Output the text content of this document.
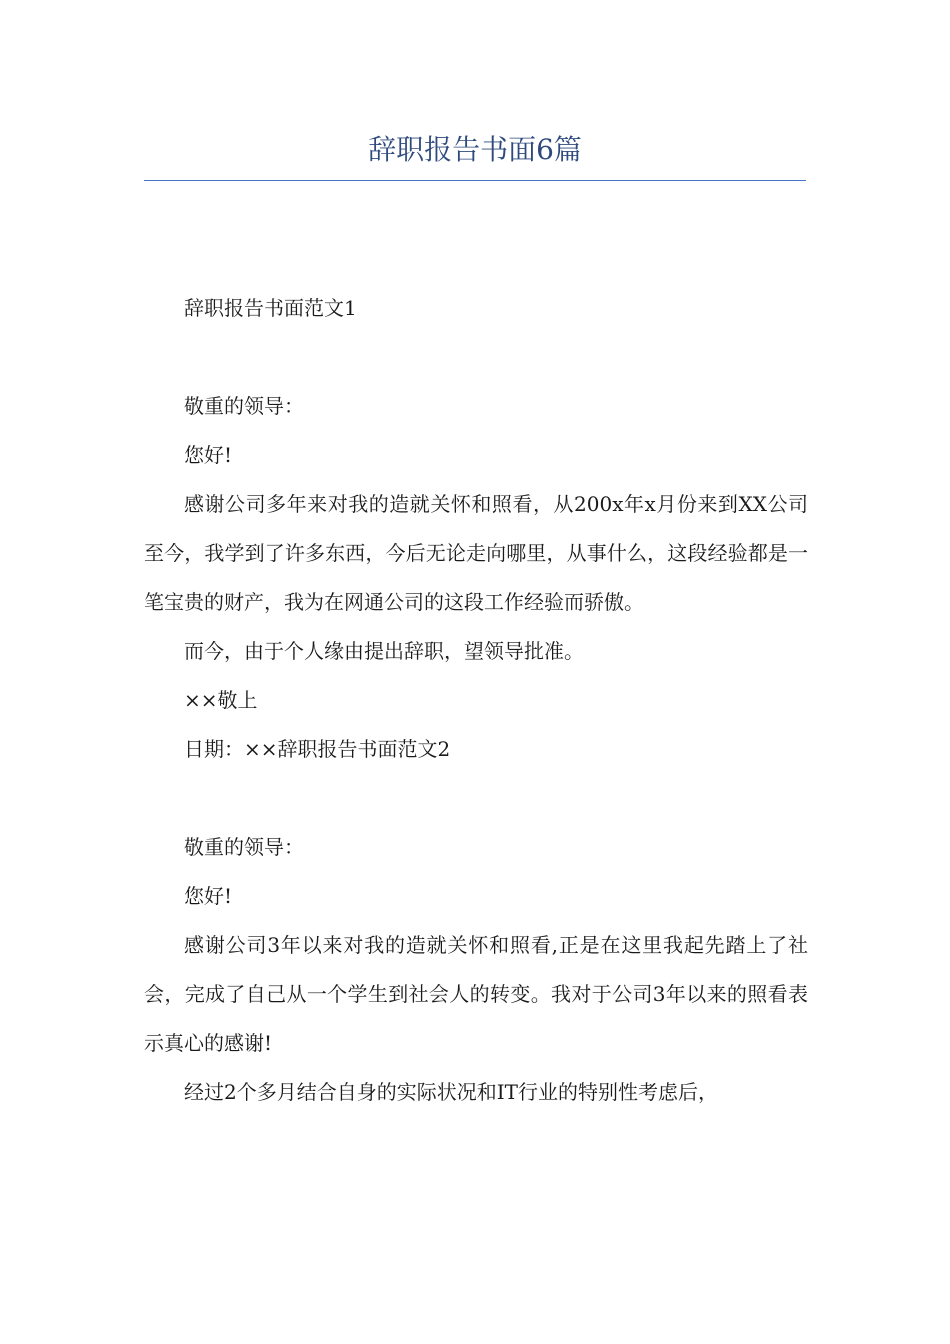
辞职报告书面6篇

辞职报告书面范文1

敬重的领导：

您好!

感谢公司多年来对我的造就关怀和照看，从200x年x月份来到XX公司至今，我学到了许多东西，今后无论走向哪里，从事什么，这段经验都是一笔宝贵的财产，我为在网通公司的这段工作经验而骄傲。

而今，由于个人缘由提出辞职，望领导批准。

××敬上

日期：××辞职报告书面范文2

敬重的领导：

您好!

感谢公司3年以来对我的造就关怀和照看,正是在这里我起先踏上了社会，完成了自己从一个学生到社会人的转变。我对于公司3年以来的照看表示真心的感谢!

经过2个多月结合自身的实际状况和IT行业的特别性考虑后，
